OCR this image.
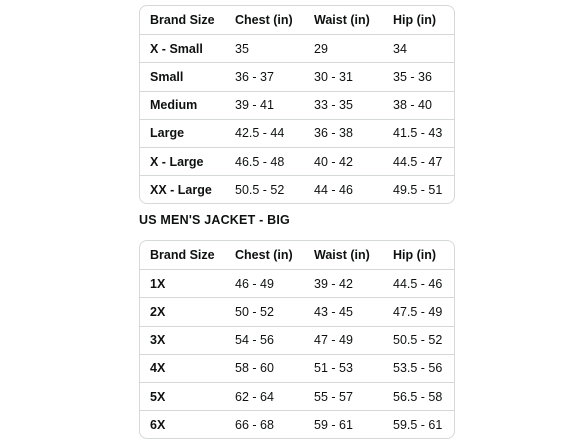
Brand Size	Chest (in)	Waist (in)	Hip (in)
X - Small	35	29	34
Small	36 - 37	30 - 31	35 - 36
Medium	39 - 41	33 - 35	38 - 40
Large	42.5 - 44	36 - 38	41.5 - 43
X - Large	46.5 - 48	40 - 42	44.5 - 47
XX - Large	50.5 - 52	44 - 46	49.5 - 51
US MEN'S JACKET - BIG
Brand Size	Chest (in)	Waist (in)	Hip (in)
1X	46 - 49	39 - 42	44.5 - 46
2X	50 - 52	43 - 45	47.5 - 49
3X	54 - 56	47 - 49	50.5 - 52
4X	58 - 60	51 - 53	53.5 - 56
5X	62 - 64	55 - 57	56.5 - 58
6X	66 - 68	59 - 61	59.5 - 61
